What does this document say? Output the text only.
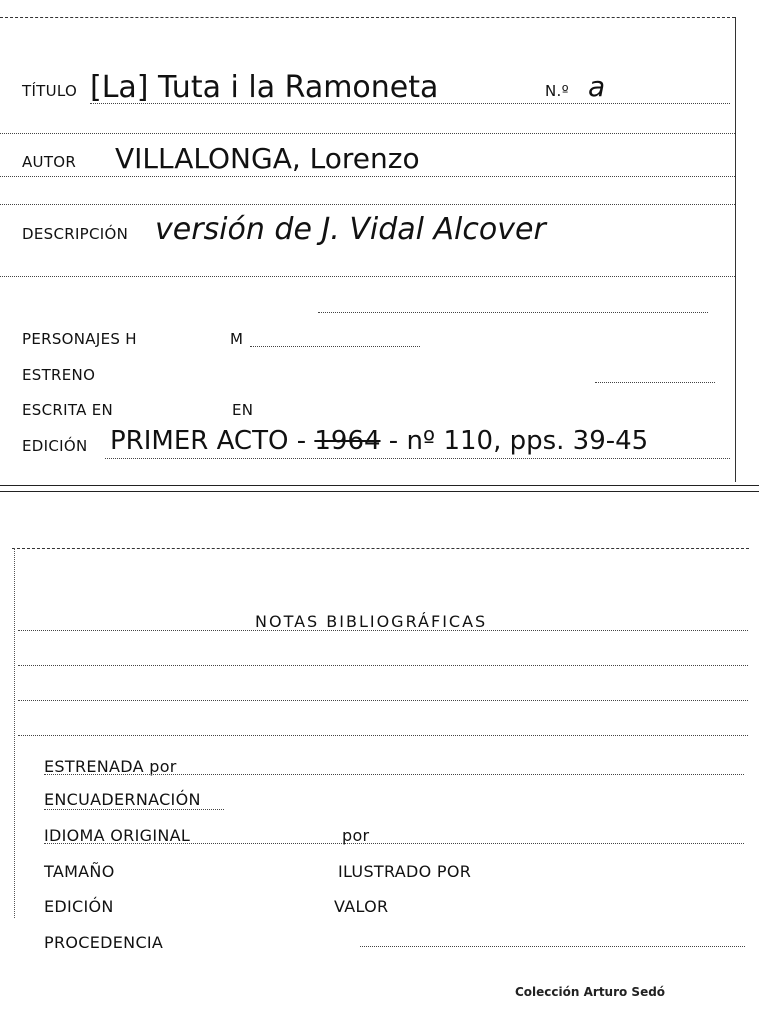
TÍTULO [La] Tuta i la Ramoneta	N.º a
AUTOR VILLALONGA, Lorenzo
DESCRIPCIÓN versión de J. Vidal Alcover
PERSONAJES H	M
ESTRENO
ESCRITA EN	EN
EDICIÓN PRIMER ACTO - 1964 - nº 110, pps. 39-45
NOTAS BIBLIOGRÁFICAS
ESTRENADA por
ENCUADERNACIÓN
IDIOMA ORIGINAL	por
TAMAÑO	ILUSTRADO POR
EDICIÓN	VALOR
PROCEDENCIA
Colección Arturo Sedó
